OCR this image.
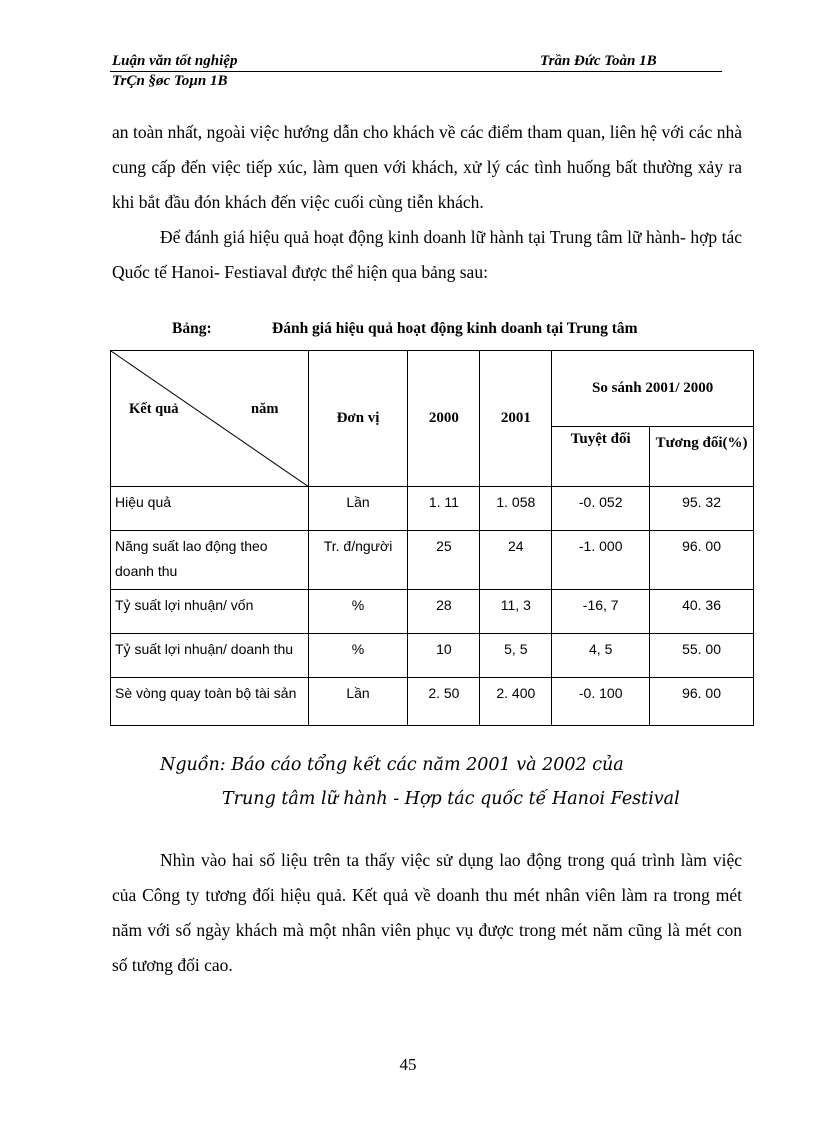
Luận văn tốt nghiệp	Trần Đức Toàn 1B
TrÇn §øc Toµn 1B
an toàn nhất, ngoài việc hướng dẫn cho khách về các điểm tham quan, liên hệ với các nhà cung cấp đến việc tiếp xúc, làm quen với khách, xử lý các tình huống bất thường xảy ra khi bắt đầu đón khách đến việc cuối cùng tiễn khách.
Để đánh giá hiệu quả hoạt động kinh doanh lữ hành tại Trung tâm lữ hành- hợp tác Quốc tế Hanoi- Festiaval được thể hiện qua bảng sau:
Bảng:	Đánh giá hiệu quả hoạt động kinh doanh tại Trung tâm
Kết quả năm	Đơn vị	2000	2001	So sánh 2001/ 2000	
				Tuyệt đối	Tương đối(%)
Hiệu quả	Lần	1. 11	1. 058	-0. 052	95. 32
Năng suất lao động theo doanh thu	Tr. đ/người	25	24	-1. 000	96. 00
Tỷ suất lợi nhuận/ vốn	%	28	11, 3	-16, 7	40. 36
Tỷ suất lợi nhuận/ doanh thu	%	10	5, 5	4, 5	55. 00
Sè vòng quay toàn bộ tài sản	Lần	2. 50	2. 400	-0. 100	96. 00
Nguồn: Báo cáo tổng kết các năm 2001 và 2002 của
Trung tâm lữ hành - Hợp tác quốc tế Hanoi Festival
Nhìn vào hai số liệu trên ta thấy việc sử dụng lao động trong quá trình làm việc của Công ty tương đối hiệu quả. Kết quả về doanh thu mét nhân viên làm ra trong mét năm với số ngày khách mà một nhân viên phục vụ được trong mét năm cũng là mét con số tương đối cao.
45
